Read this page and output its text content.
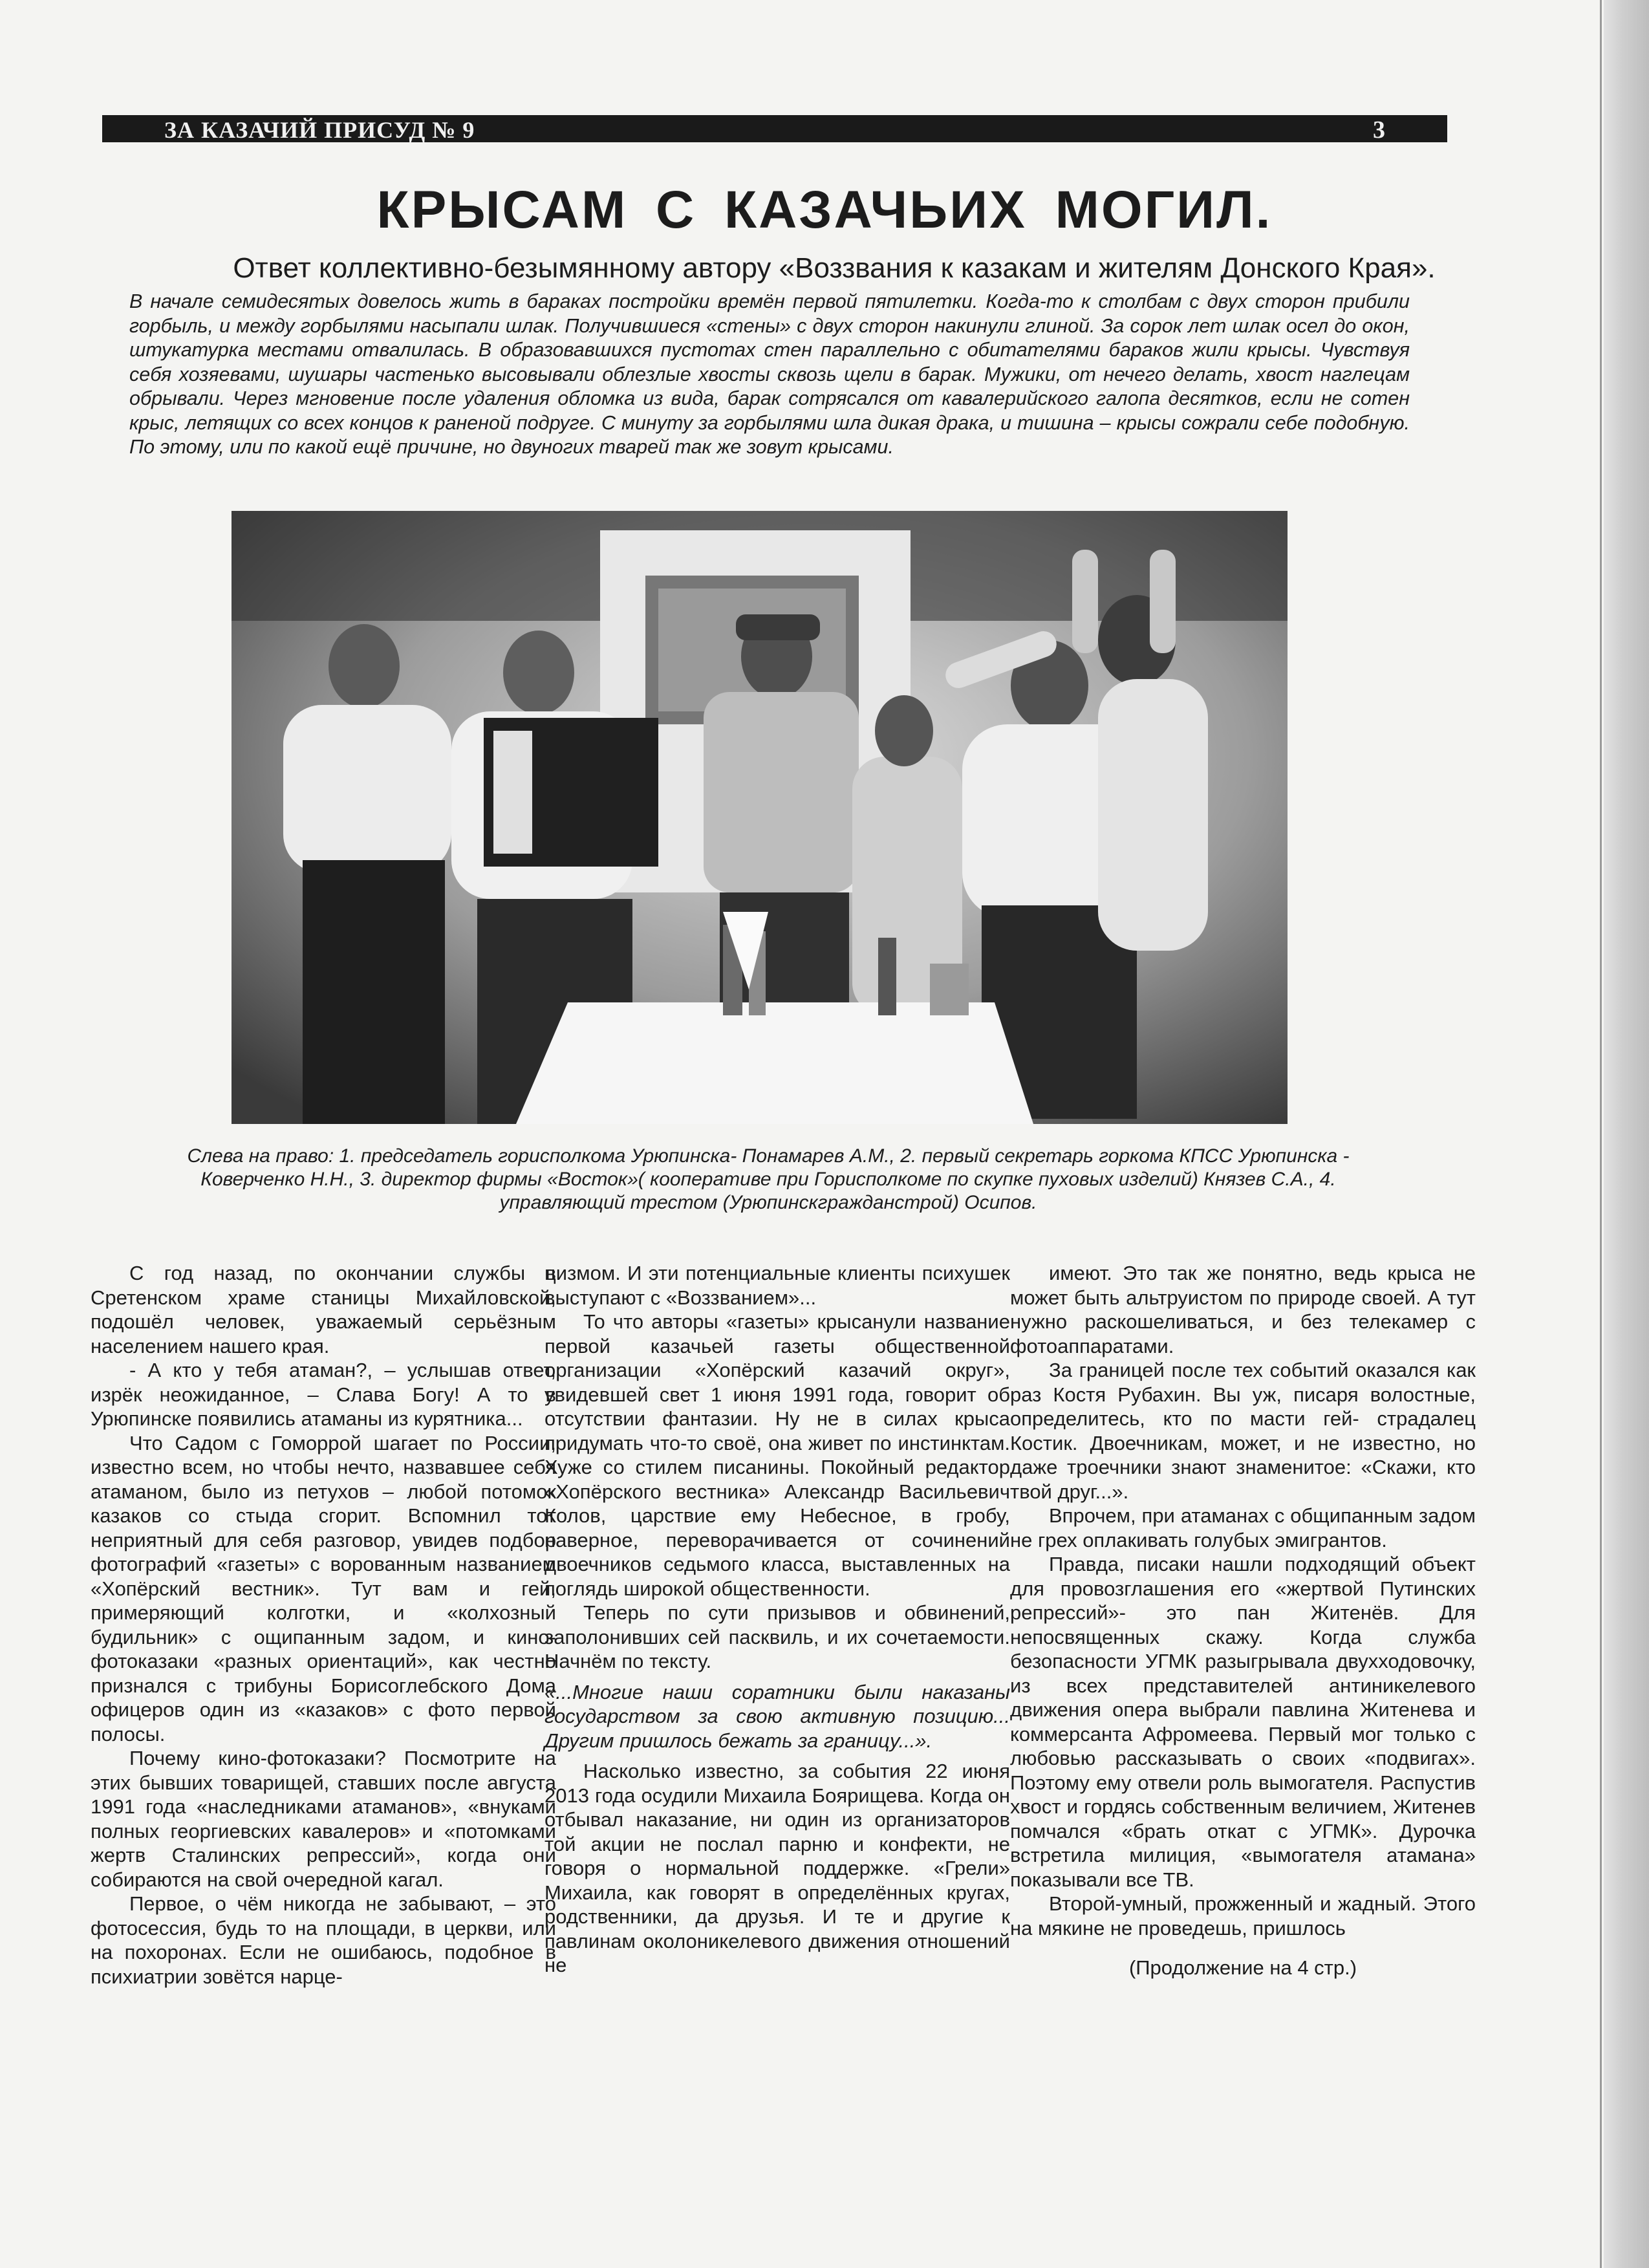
ЗА КАЗАЧИЙ ПРИСУД № 9	3
КРЫСАМ С КАЗАЧЬИХ МОГИЛ.
Ответ коллективно-безымянному автору «Воззвания к казакам и жителям Донского Края».
В начале семидесятых довелось жить в бараках постройки времён первой пятилетки. Когда-то к столбам с двух сторон прибили горбыль, и между горбылями насыпали шлак. Получившиеся «стены» с двух сторон накинули глиной. За сорок лет шлак осел до окон, штукатурка местами отвалилась. В образовавшихся пустотах стен параллельно с обитателями бараков жили крысы. Чувствуя себя хозяевами, шушары частенько высовывали облезлые хвосты сквозь щели в барак. Мужики, от нечего делать, хвост наглецам обрывали. Через мгновение после удаления обломка из вида, барак сотрясался от кавалерийского галопа десятков, если не сотен крыс, летящих со всех концов к раненой подруге. С минуту за горбылями шла дикая драка, и тишина – крысы сожрали себе подобную. По этому, или по какой ещё причине, но двуногих тварей так же зовут крысами.
Слева на право: 1. председатель горисполкома Урюпинска- Понамарев А.М., 2. первый секретарь горкома КПСС Урюпинска - Коверченко Н.Н., 3. директор фирмы «Восток»( кооперативе при Горисполкоме по скупке пуховых изделий) Князев С.А., 4. управляющий трестом (Урюпинскгражданстрой) Осипов.

С год назад, по окончании службы в Сретенском храме станицы Михайловской, подошёл человек, уважаемый серьёзным населением нашего края.

- А кто у тебя атаман?, – услышав ответ, изрёк неожиданное, – Слава Богу! А то в Урюпинске появились атаманы из курятника...

Что Садом с Гоморрой шагает по России, известно всем, но чтобы нечто, назвавшее себя атаманом, было из петухов – любой потомок казаков со стыда сгорит. Вспомнил тот неприятный для себя разговор, увидев подбор фотографий «газеты» с ворованным названием «Хопёрский вестник». Тут вам и гей, примеряющий колготки, и «колхозный будильник» с ощипанным задом, и кино-фотоказаки «разных ориентаций», как честно признался с трибуны Борисоглебского Дома офицеров один из «казаков» с фото первой полосы.

Почему кино-фотоказаки? Посмотрите на этих бывших товарищей, ставших после августа 1991 года «наследниками атаманов», «внуками полных георгиевских кавалеров» и «потомками жертв Сталинских репрессий», когда они собираются на свой очередной кагал.

Первое, о чём никогда не забывают, – это фотосессия, будь то на площади, в церкви, или на похоронах. Если не ошибаюсь, подобное в психиатрии зовётся нарце-

цизмом. И эти потенциальные клиенты психушек выступают с «Воззванием»...

То что авторы «газеты» крысанули название первой казачьей газеты общественной организации «Хопёрский казачий округ», увидевшей свет 1 июня 1991 года, говорит об отсутствии фантазии. Ну не в силах крыса придумать что-то своё, она живет по инстинктам. Хуже со стилем писанины. Покойный редактор «Хопёрского вестника» Александр Васильевич Колов, царствие ему Небесное, в гробу, наверное, переворачивается от сочинений двоечников седьмого класса, выставленных на поглядь широкой общественности.

Теперь по сути призывов и обвинений, заполонивших сей пасквиль, и их сочетаемости. Начнём по тексту.

«...Многие наши соратники были наказаны государством за свою активную позицию... Другим пришлось бежать за границу...».

Насколько известно, за события 22 июня 2013 года осудили Михаила Боярищева. Когда он отбывал наказание, ни один из организаторов той акции не послал парню и конфекти, не говоря о нормальной поддержке. «Грели» Михаила, как говорят в определённых кругах, родственники, да друзья. И те и другие к павлинам околоникелевого движения отношений не

имеют. Это так же понятно, ведь крыса не может быть альтруистом по природе своей. А тут нужно раскошеливаться, и без телекамер с фотоаппаратами.

За границей после тех событий оказался как раз Костя Рубахин. Вы уж, писаря волостные, определитесь, кто по масти гей- страдалец Костик. Двоечникам, может, и не известно, но даже троечники знают знаменитое: «Скажи, кто твой друг...».

Впрочем, при атаманах с общипанным задом не грех оплакивать голубых эмигрантов.

Правда, писаки нашли подходящий объект для провозглашения его «жертвой Путинских репрессий»- это пан Житенёв. Для непосвященных скажу. Когда служба безопасности УГМК разыгрывала двухходовочку, из всех представителей антиникелевого движения опера выбрали павлина Житенева и коммерсанта Афромеева. Первый мог только с любовью рассказывать о своих «подвигах». Поэтому ему отвели роль вымогателя. Распустив хвост и гордясь собственным величием, Житенев помчался «брать откат с УГМК». Дурочка встретила милиция, «вымогателя атамана» показывали все ТВ.

Второй-умный, прожженный и жадный. Этого на мякине не проведешь, пришлось

(Продолжение на 4 стр.)
